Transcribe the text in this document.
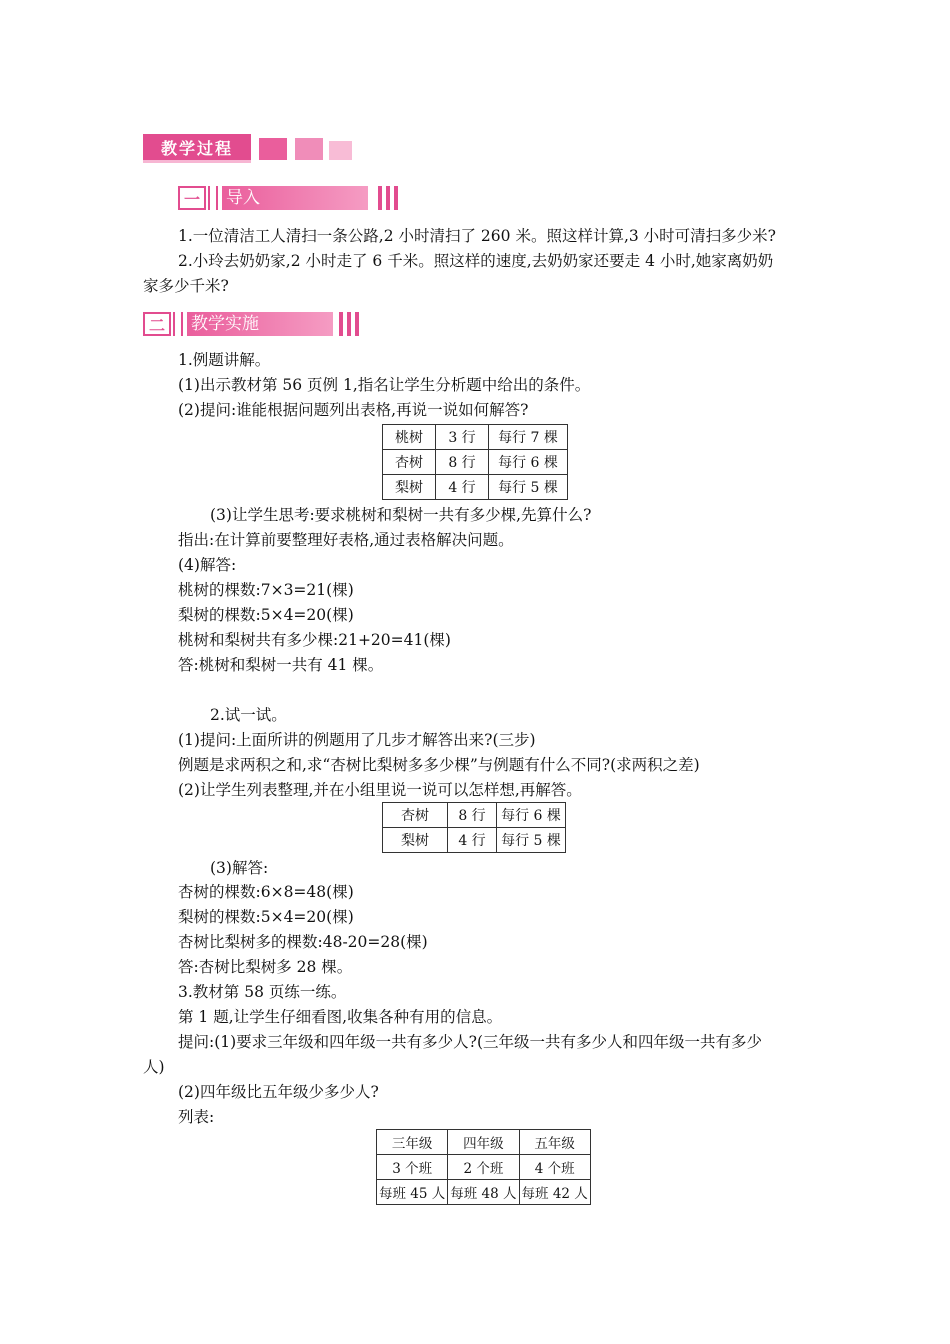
教学过程
一	导入
1.一位清洁工人清扫一条公路,2 小时清扫了 260 米。照这样计算,3 小时可清扫多少米?
2.小玲去奶奶家,2 小时走了 6 千米。照这样的速度,去奶奶家还要走 4 小时,她家离奶奶
家多少千米?
二	教学实施
1.例题讲解。
(1)出示教材第 56 页例 1,指名让学生分析题中给出的条件。
(2)提问:谁能根据问题列出表格,再说一说如何解答?
桃树	3 行	每行 7 棵
杏树	8 行	每行 6 棵
梨树	4 行	每行 5 棵
(3)让学生思考:要求桃树和梨树一共有多少棵,先算什么?
指出:在计算前要整理好表格,通过表格解决问题。
(4)解答:
桃树的棵数:7×3=21(棵)
梨树的棵数:5×4=20(棵)
桃树和梨树共有多少棵:21+20=41(棵)
答:桃树和梨树一共有 41 棵。
2.试一试。
(1)提问:上面所讲的例题用了几步才解答出来?(三步)
例题是求两积之和,求“杏树比梨树多多少棵”与例题有什么不同?(求两积之差)
(2)让学生列表整理,并在小组里说一说可以怎样想,再解答。
杏树	8 行	每行 6 棵
梨树	4 行	每行 5 棵
(3)解答:
杏树的棵数:6×8=48(棵)
梨树的棵数:5×4=20(棵)
杏树比梨树多的棵数:48-20=28(棵)
答:杏树比梨树多 28 棵。
3.教材第 58 页练一练。
第 1 题,让学生仔细看图,收集各种有用的信息。
提问:(1)要求三年级和四年级一共有多少人?(三年级一共有多少人和四年级一共有多少
人)
(2)四年级比五年级少多少人?
列表:
三年级	四年级	五年级
3 个班	2 个班	4 个班
每班 45 人	每班 48 人	每班 42 人
